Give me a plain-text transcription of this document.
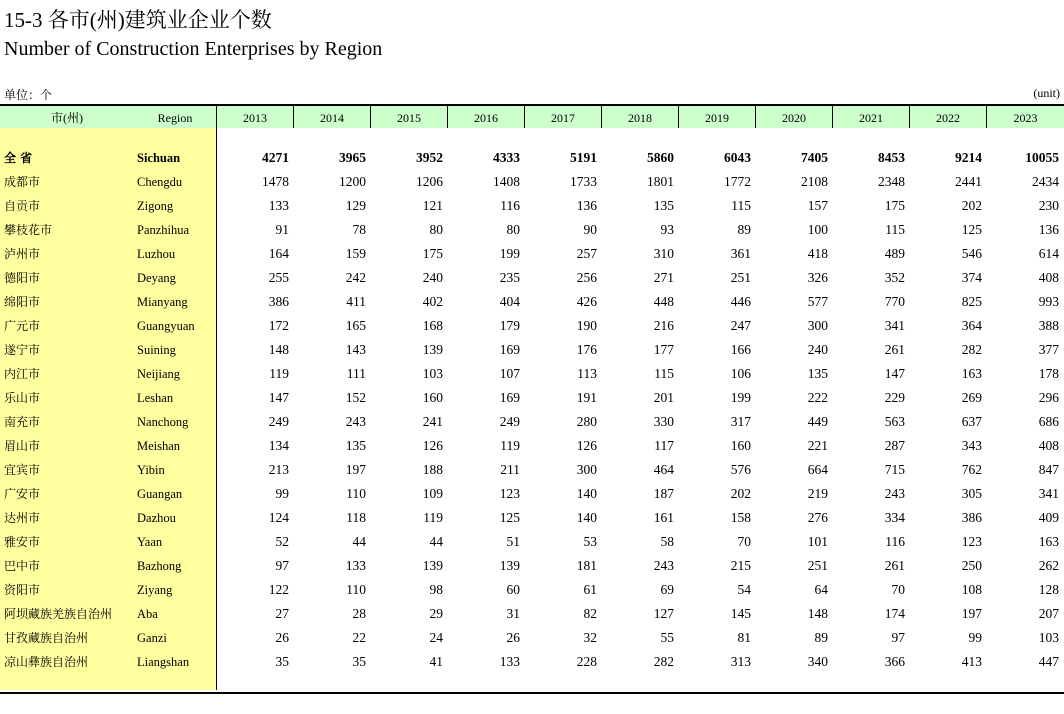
15-3 各市(州)建筑业企业个数
Number of Construction Enterprises by Region
单位：个	(unit)
市(州)	Region	2013	2014	2015	2016	2017	2018	2019	2020	2021	2022	2023
全 省	Sichuan	4271	3965	3952	4333	5191	5860	6043	7405	8453	9214	10055
成都市	Chengdu	1478	1200	1206	1408	1733	1801	1772	2108	2348	2441	2434
自贡市	Zigong	133	129	121	116	136	135	115	157	175	202	230
攀枝花市	Panzhihua	91	78	80	80	90	93	89	100	115	125	136
泸州市	Luzhou	164	159	175	199	257	310	361	418	489	546	614
德阳市	Deyang	255	242	240	235	256	271	251	326	352	374	408
绵阳市	Mianyang	386	411	402	404	426	448	446	577	770	825	993
广元市	Guangyuan	172	165	168	179	190	216	247	300	341	364	388
遂宁市	Suining	148	143	139	169	176	177	166	240	261	282	377
内江市	Neijiang	119	111	103	107	113	115	106	135	147	163	178
乐山市	Leshan	147	152	160	169	191	201	199	222	229	269	296
南充市	Nanchong	249	243	241	249	280	330	317	449	563	637	686
眉山市	Meishan	134	135	126	119	126	117	160	221	287	343	408
宜宾市	Yibin	213	197	188	211	300	464	576	664	715	762	847
广安市	Guangan	99	110	109	123	140	187	202	219	243	305	341
达州市	Dazhou	124	118	119	125	140	161	158	276	334	386	409
雅安市	Yaan	52	44	44	51	53	58	70	101	116	123	163
巴中市	Bazhong	97	133	139	139	181	243	215	251	261	250	262
资阳市	Ziyang	122	110	98	60	61	69	54	64	70	108	128
阿坝藏族羌族自治州 Aba	27	28	29	31	82	127	145	148	174	197	207
甘孜藏族自治州	Ganzi	26	22	24	26	32	55	81	89	97	99	103
凉山彝族自治州	Liangshan	35	35	41	133	228	282	313	340	366	413	447
